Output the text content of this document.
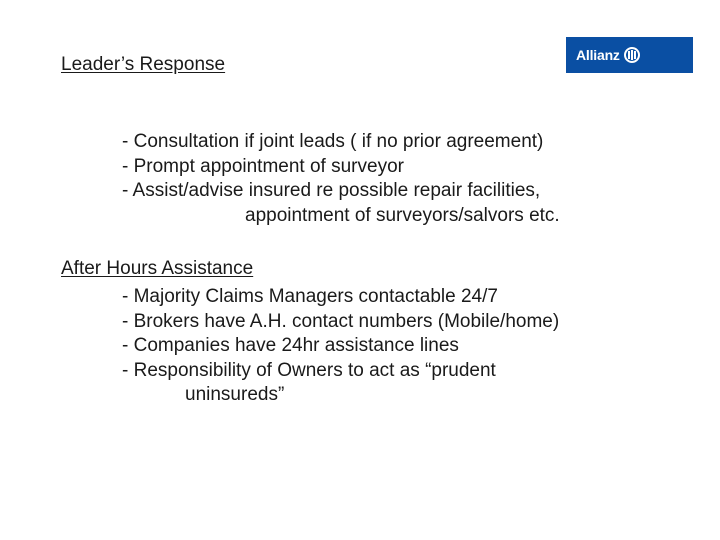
Leader’s Response	Allianz
- Consultation if joint leads ( if no prior agreement)
- Prompt appointment of surveyor
- Assist/advise insured re possible repair facilities,
appointment of surveyors/salvors etc.
After Hours Assistance
- Majority Claims Managers contactable 24/7
- Brokers have A.H. contact numbers (Mobile/home)
- Companies have 24hr assistance lines
- Responsibility of Owners to act as “prudent
uninsureds”
